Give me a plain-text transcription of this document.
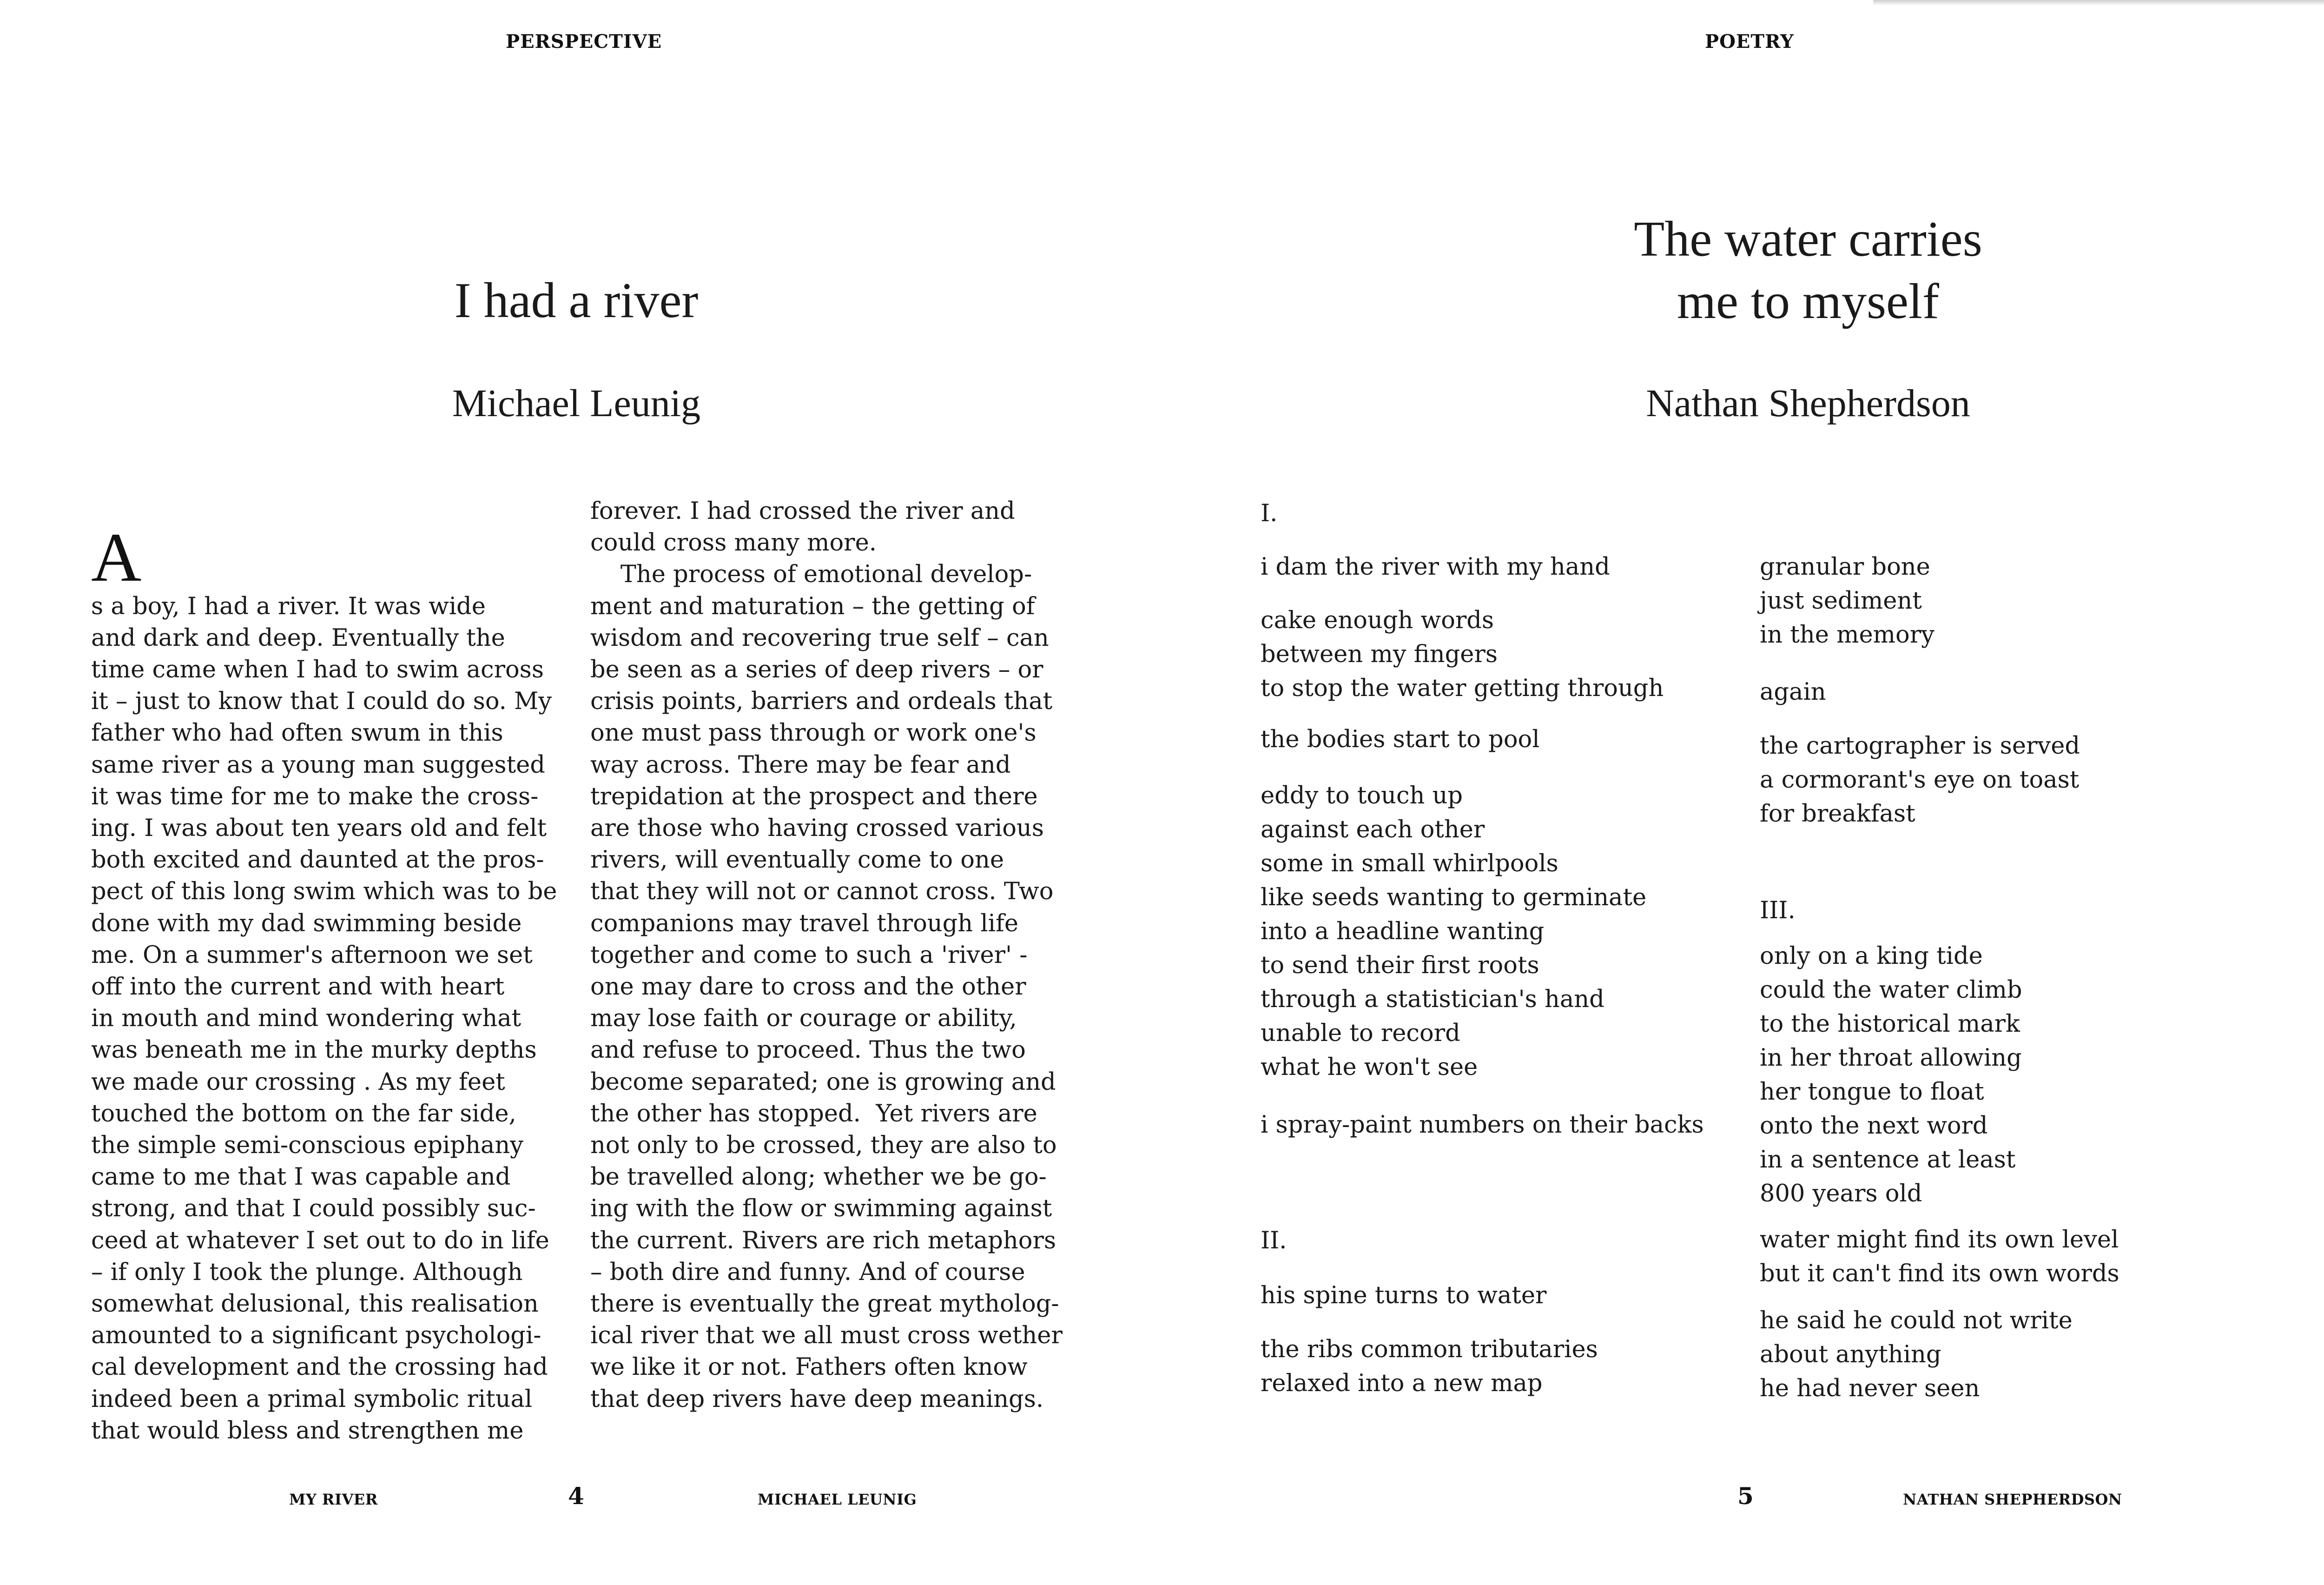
PERSPECTIVE
I had a river
Michael Leunig

A

s a boy, I had a river. It was wide
and dark and deep. Eventually the
time came when I had to swim across
it – just to know that I could do so. My
father who had often swum in this
same river as a young man suggested
it was time for me to make the cross-
ing. I was about ten years old and felt
both excited and daunted at the pros-
pect of this long swim which was to be
done with my dad swimming beside
me. On a summer's afternoon we set
off into the current and with heart
in mouth and mind wondering what
was beneath me in the murky depths
we made our crossing . As my feet
touched the bottom on the far side,
the simple semi-conscious epiphany
came to me that I was capable and
strong, and that I could possibly suc-
ceed at whatever I set out to do in life
– if only I took the plunge. Although
somewhat delusional, this realisation
amounted to a significant psychologi-
cal development and the crossing had
indeed been a primal symbolic ritual
that would bless and strengthen me
forever. I had crossed the river and
could cross many more.
The process of emotional develop-
ment and maturation – the getting of
wisdom and recovering true self – can
be seen as a series of deep rivers – or
crisis points, barriers and ordeals that
one must pass through or work one's
way across. There may be fear and
trepidation at the prospect and there
are those who having crossed various
rivers, will eventually come to one
that they will not or cannot cross. Two
companions may travel through life
together and come to such a 'river' -
one may dare to cross and the other
may lose faith or courage or ability,
and refuse to proceed. Thus the two
become separated; one is growing and
the other has stopped.  Yet rivers are
not only to be crossed, they are also to
be travelled along; whether we be go-
ing with the flow or swimming against
the current. Rivers are rich metaphors
– both dire and funny. And of course
there is eventually the great mytholog-
ical river that we all must cross wether
we like it or not. Fathers often know
that deep rivers have deep meanings.
MY RIVER	4	MICHAEL LEUNIG
POETRY
The water carries
me to myself
Nathan Shepherdson
I.
i dam the river with my hand
cake enough words
between my fingers
to stop the water getting through
the bodies start to pool
eddy to touch up
against each other
some in small whirlpools
like seeds wanting to germinate
into a headline wanting
to send their first roots
through a statistician's hand
unable to record
what he won't see
i spray-paint numbers on their backs
II.
his spine turns to water
the ribs common tributaries
relaxed into a new map
granular bone
just sediment
in the memory
again
the cartographer is served
a cormorant's eye on toast
for breakfast
III.
only on a king tide
could the water climb
to the historical mark
in her throat allowing
her tongue to float
onto the next word
in a sentence at least
800 years old
water might find its own level
but it can't find its own words
he said he could not write
about anything
he had never seen
5	NATHAN SHEPHERDSON
